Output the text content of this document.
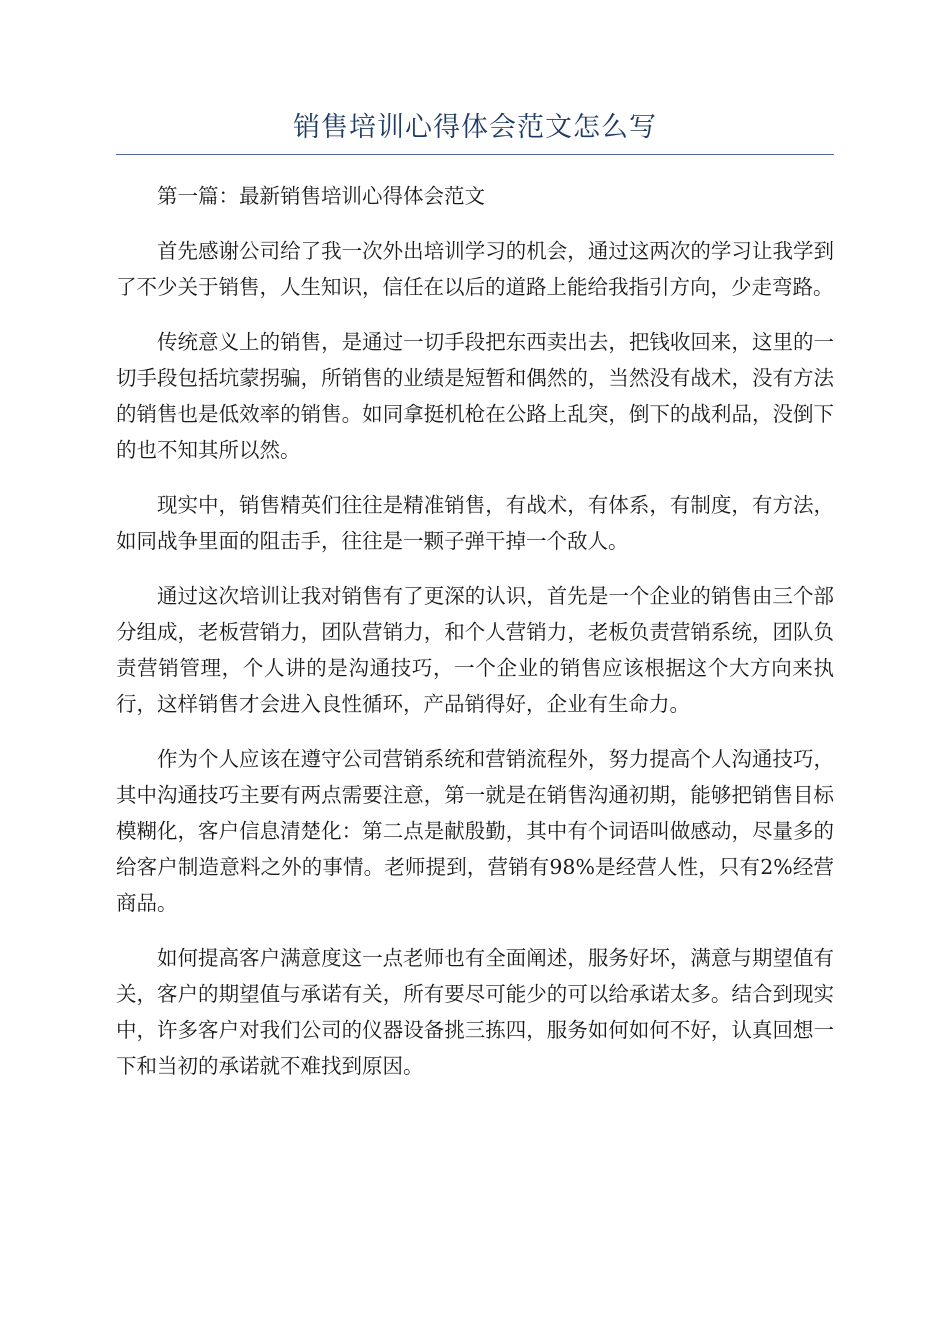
销售培训心得体会范文怎么写

第一篇：最新销售培训心得体会范文

首先感谢公司给了我一次外出培训学习的机会，通过这两次的学习让我学到了不少关于销售，人生知识，信任在以后的道路上能给我指引方向，少走弯路。

传统意义上的销售，是通过一切手段把东西卖出去，把钱收回来，这里的一切手段包括坑蒙拐骗，所销售的业绩是短暂和偶然的，当然没有战术，没有方法的销售也是低效率的销售。如同拿挺机枪在公路上乱突，倒下的战利品，没倒下的也不知其所以然。

现实中，销售精英们往往是精准销售，有战术，有体系，有制度，有方法，如同战争里面的阻击手，往往是一颗子弹干掉一个敌人。

通过这次培训让我对销售有了更深的认识，首先是一个企业的销售由三个部分组成，老板营销力，团队营销力，和个人营销力，老板负责营销系统，团队负责营销管理，个人讲的是沟通技巧，一个企业的销售应该根据这个大方向来执行，这样销售才会进入良性循环，产品销得好，企业有生命力。

作为个人应该在遵守公司营销系统和营销流程外，努力提高个人沟通技巧，其中沟通技巧主要有两点需要注意，第一就是在销售沟通初期，能够把销售目标模糊化，客户信息清楚化：第二点是献殷勤，其中有个词语叫做感动，尽量多的给客户制造意料之外的事情。老师提到，营销有98%是经营人性，只有2%经营商品。

如何提高客户满意度这一点老师也有全面阐述，服务好坏，满意与期望值有关，客户的期望值与承诺有关，所有要尽可能少的可以给承诺太多。结合到现实中，许多客户对我们公司的仪器设备挑三拣四，服务如何如何不好，认真回想一下和当初的承诺就不难找到原因。
